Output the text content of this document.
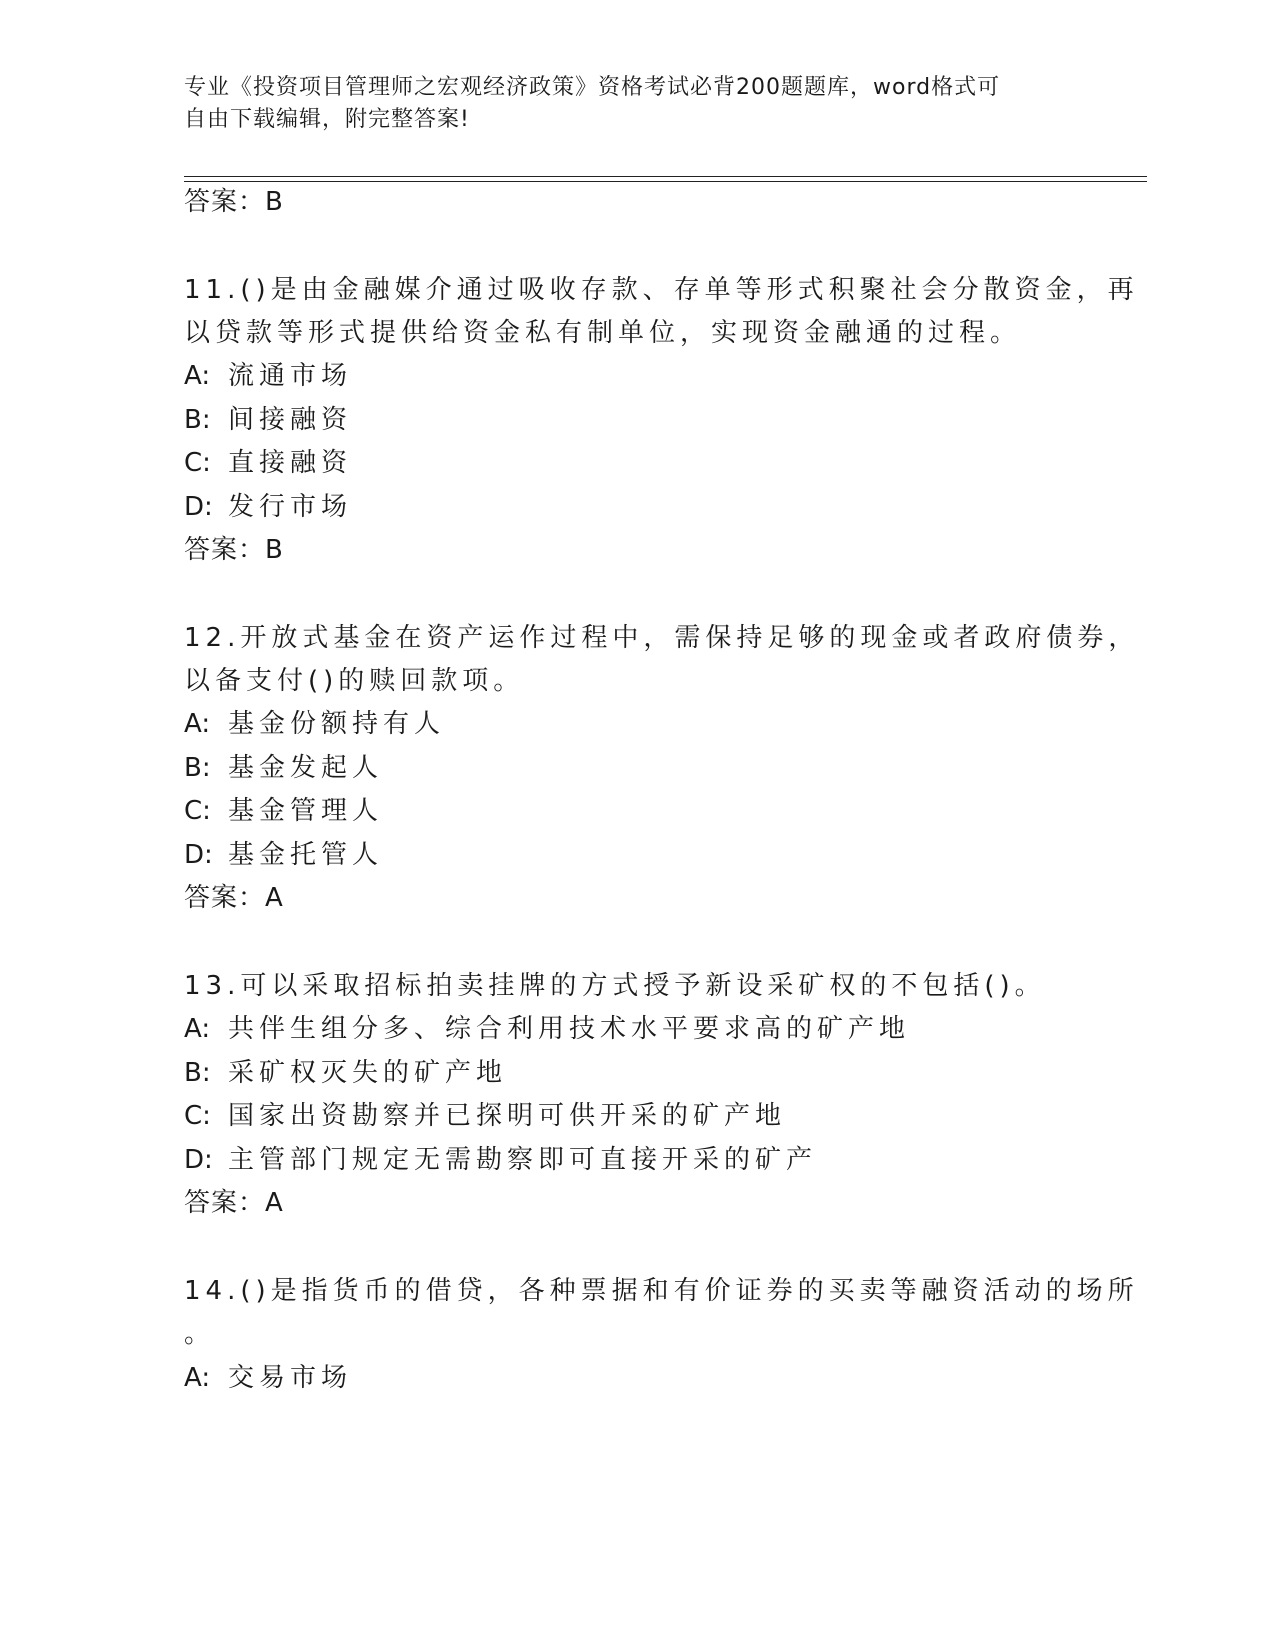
专业《投资项目管理师之宏观经济政策》资格考试必背200题题库，word格式可
自由下载编辑，附完整答案!
答案：B
11.()是由金融媒介通过吸收存款、存单等形式积聚社会分散资金，再
以贷款等形式提供给资金私有制单位，实现资金融通的过程。
A: 流通市场
B: 间接融资
C: 直接融资
D: 发行市场
答案：B
12.开放式基金在资产运作过程中，需保持足够的现金或者政府债券，
以备支付()的赎回款项。
A: 基金份额持有人
B: 基金发起人
C: 基金管理人
D: 基金托管人
答案：A
13.可以采取招标拍卖挂牌的方式授予新设采矿权的不包括()。
A: 共伴生组分多、综合利用技术水平要求高的矿产地
B: 采矿权灭失的矿产地
C: 国家出资勘察并已探明可供开采的矿产地
D: 主管部门规定无需勘察即可直接开采的矿产
答案：A
14.()是指货币的借贷，各种票据和有价证券的买卖等融资活动的场所
。
A: 交易市场
